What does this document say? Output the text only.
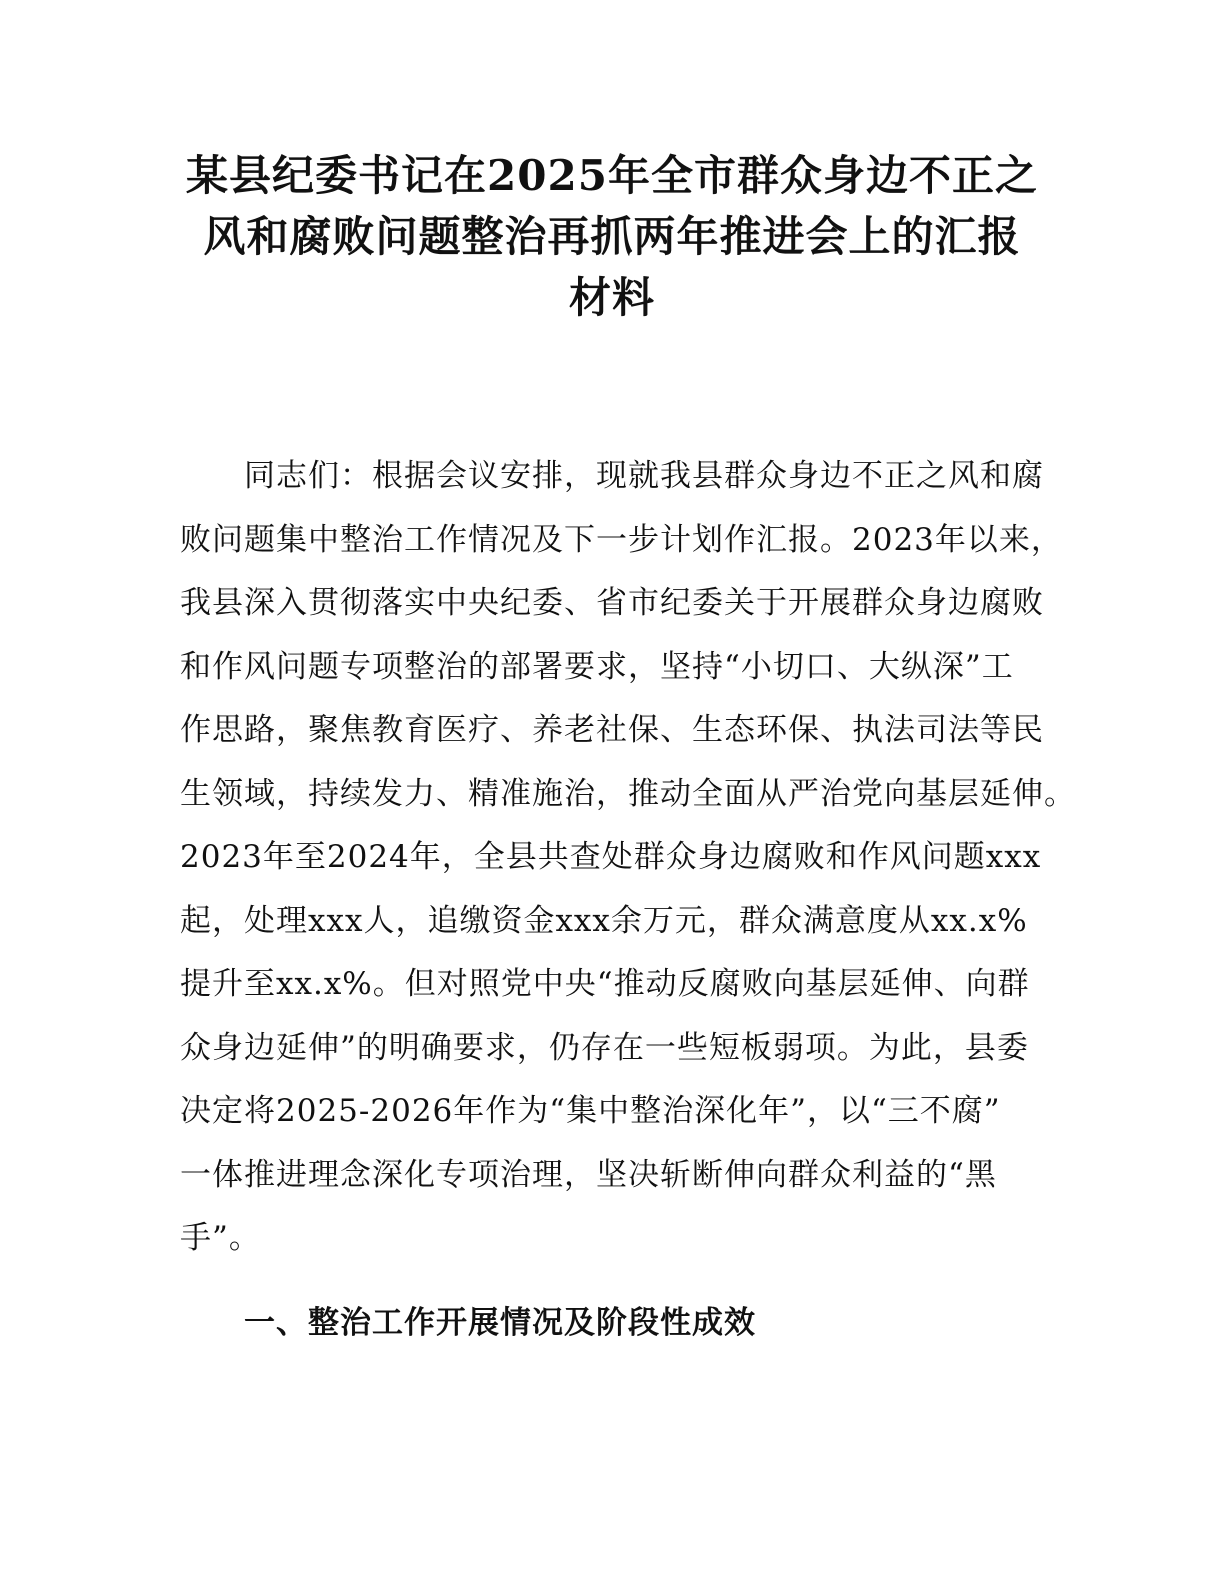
某县纪委书记在2025年全市群众身边不正之
风和腐败问题整治再抓两年推进会上的汇报
材料
同志们：根据会议安排，现就我县群众身边不正之风和腐
败问题集中整治工作情况及下一步计划作汇报。2023年以来，
我县深入贯彻落实中央纪委、省市纪委关于开展群众身边腐败
和作风问题专项整治的部署要求，坚持“小切口、大纵深”工
作思路，聚焦教育医疗、养老社保、生态环保、执法司法等民
生领域，持续发力、精准施治，推动全面从严治党向基层延伸。
2023年至2024年，全县共查处群众身边腐败和作风问题xxx
起，处理xxx人，追缴资金xxx余万元，群众满意度从xx.x%
提升至xx.x%。但对照党中央“推动反腐败向基层延伸、向群
众身边延伸”的明确要求，仍存在一些短板弱项。为此，县委
决定将2025-2026年作为“集中整治深化年”，以“三不腐”
一体推进理念深化专项治理，坚决斩断伸向群众利益的“黑
手”。
一、整治工作开展情况及阶段性成效
